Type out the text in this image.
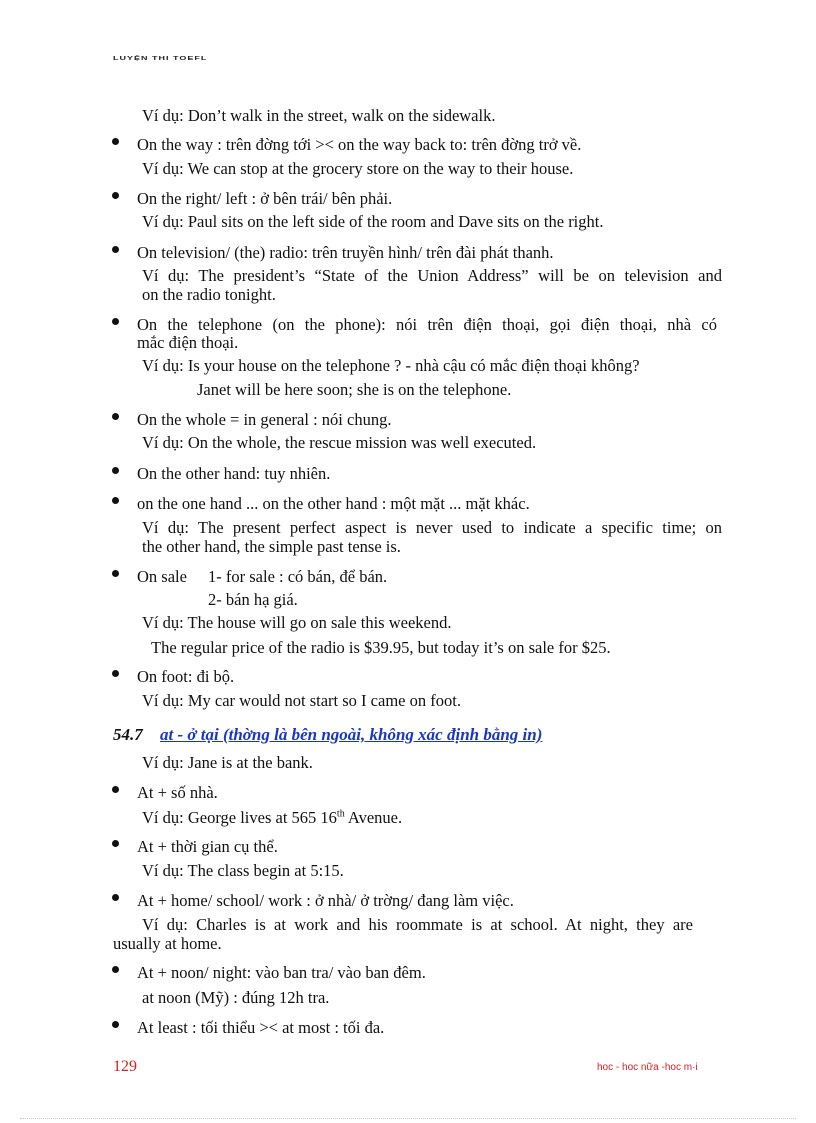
LUYỆN THI TOEFL
Ví dụ: Don’t walk in the street, walk on the sidewalk.
On the way : trên đờng tới >< on the way back to: trên đờng trở về.
Ví dụ: We can stop at the grocery store on the way to their house.
On the right/ left : ở bên trái/ bên phải.
Ví dụ: Paul sits on the left side of the room and Dave sits on the right.
On television/ (the) radio: trên truyền hình/ trên đài phát thanh.
Ví dụ: The president’s “State of the Union Address” will be on television and
on the radio tonight.
On the telephone (on the phone): nói trên điện thoại, gọi điện thoại, nhà có
mắc điện thoại.
Ví dụ: Is your house on the telephone ? - nhà cậu có mắc điện thoại không?
Janet will be here soon; she is on the telephone.
On the whole = in general : nói chung.
Ví dụ: On the whole, the rescue mission was well executed.
On the other hand: tuy nhiên.
on the one hand ... on the other hand : một mặt ... mặt khác.
Ví dụ: The present perfect aspect is never used to indicate a specific time; on
the other hand, the simple past tense is.
On sale 1- for sale : có bán, để bán.
2- bán hạ giá.
Ví dụ: The house will go on sale this weekend.
The regular price of the radio is $39.95, but today it’s on sale for $25.
On foot: đi bộ.
Ví dụ: My car would not start so I came on foot.
54.7 at - ở tại (thờng là bên ngoài, không xác định bằng in)
Ví dụ: Jane is at the bank.
At + số nhà.
Ví dụ: George lives at 565 16th Avenue.
At + thời gian cụ thể.
Ví dụ: The class begin at 5:15.
At + home/ school/ work : ở nhà/ ở trờng/ đang làm việc.
Ví dụ: Charles is at work and his roommate is at school. At night, they are
usually at home.
At + noon/ night: vào ban tra/ vào ban đêm.
at noon (Mỹ) : đúng 12h tra.
At least : tối thiểu >< at most : tối đa.
129	hoc - hoc nữa -hoc m·i
